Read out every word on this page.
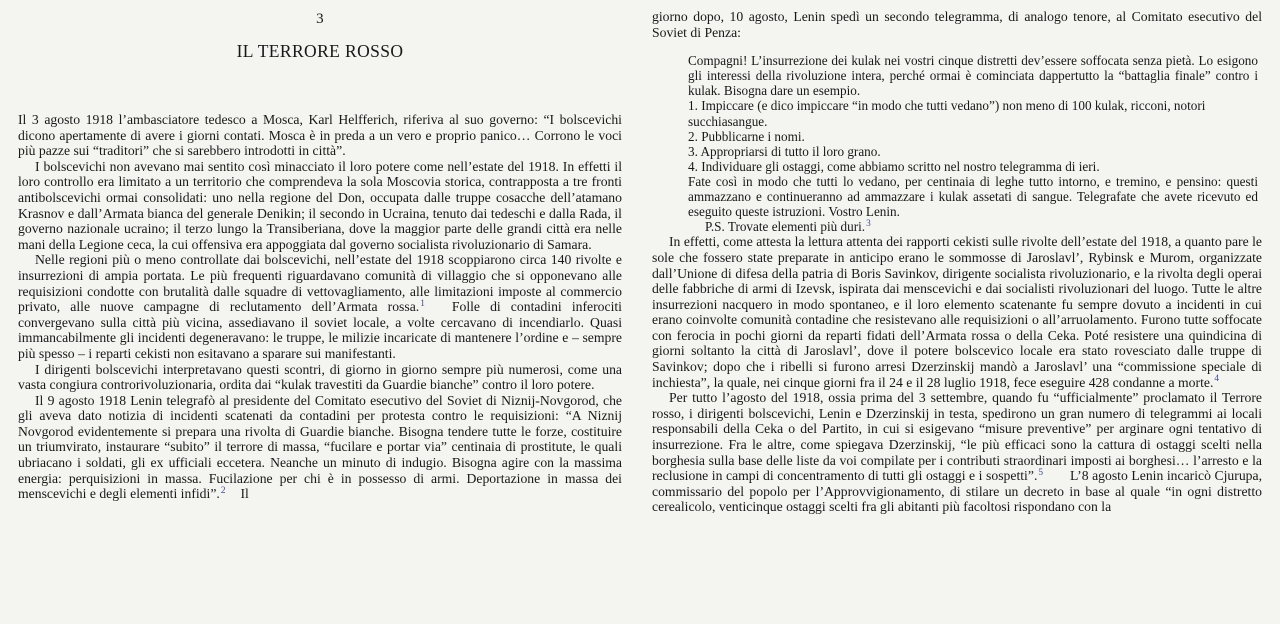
3
IL TERRORE ROSSO

Il 3 agosto 1918 l’ambasciatore tedesco a Mosca, Karl Helfferich, riferiva al suo governo: “I bolscevichi dicono apertamente di avere i giorni contati. Mosca è in preda a un vero e proprio panico… Corrono le voci più pazze sui “traditori” che si sarebbero introdotti in città”.

I bolscevichi non avevano mai sentito così minacciato il loro potere come nell’estate del 1918. In effetti il loro controllo era limitato a un territorio che comprendeva la sola Moscovia storica, contrapposta a tre fronti antibolscevichi ormai consolidati: uno nella regione del Don, occupata dalle truppe cosacche dell’atamano Krasnov e dall’Armata bianca del generale Denikin; il secondo in Ucraina, tenuto dai tedeschi e dalla Rada, il governo nazionale ucraino; il terzo lungo la Transiberiana, dove la maggior parte delle grandi città era nelle mani della Legione ceca, la cui offensiva era appoggiata dal governo socialista rivoluzionario di Samara.

Nelle regioni più o meno controllate dai bolscevichi, nell’estate del 1918 scoppiarono circa 140 rivolte e insurrezioni di ampia portata. Le più frequenti riguardavano comunità di villaggio che si opponevano alle requisizioni condotte con brutalità dalle squadre di vettovagliamento, alle limitazioni imposte al commercio privato, alle nuove campagne di reclutamento dell’Armata rossa.$^1$ Folle di contadini inferociti convergevano sulla città più vicina, assediavano il soviet locale, a volte cercavano di incendiarlo. Quasi immancabilmente gli incidenti degeneravano: le truppe, le milizie incaricate di mantenere l’ordine e – sempre più spesso – i reparti cekisti non esitavano a sparare sui manifestanti.

I dirigenti bolscevichi interpretavano questi scontri, di giorno in giorno sempre più numerosi, come una vasta congiura controrivoluzionaria, ordita dai “kulak travestiti da Guardie bianche” contro il loro potere.

Il 9 agosto 1918 Lenin telegrafò al presidente del Comitato esecutivo del Soviet di Niznij-Novgorod, che gli aveva dato notizia di incidenti scatenati da contadini per protesta contro le requisizioni: “A Niznij Novgorod evidentemente si prepara una rivolta di Guardie bianche. Bisogna tendere tutte le forze, costituire un triumvirato, instaurare “subito” il terrore di massa, “fucilare e portar via” centinaia di prostitute, le quali ubriacano i soldati, gli ex ufficiali eccetera. Neanche un minuto di indugio. Bisogna agire con la massima energia: perquisizioni in massa. Fucilazione per chi è in possesso di armi. Deportazione in massa dei menscevichi e degli elementi infidi”.$^2$ Il

giorno dopo, 10 agosto, Lenin spedì un secondo telegramma, di analogo tenore, al Comitato esecutivo del Soviet di Penza:

Compagni! L’insurrezione dei kulak nei vostri cinque distretti dev’essere soffocata senza pietà. Lo esigono gli interessi della rivoluzione intera, perché ormai è cominciata dappertutto la “battaglia finale” contro i kulak. Bisogna dare un esempio.

1. Impiccare (e dico impiccare “in modo che tutti vedano”) non meno di 100 kulak, ricconi, notori succhiasangue.

2. Pubblicarne i nomi.

3. Appropriarsi di tutto il loro grano.

4. Individuare gli ostaggi, come abbiamo scritto nel nostro telegramma di ieri.

Fate così in modo che tutti lo vedano, per centinaia di leghe tutto intorno, e tremino, e pensino: questi ammazzano e continueranno ad ammazzare i kulak assetati di sangue. Telegrafate che avete ricevuto ed eseguito queste istruzioni. Vostro Lenin.

P.S. Trovate elementi più duri.$^3$

In effetti, come attesta la lettura attenta dei rapporti cekisti sulle rivolte dell’estate del 1918, a quanto pare le sole che fossero state preparate in anticipo erano le sommosse di Jaroslavl’, Rybinsk e Murom, organizzate dall’Unione di difesa della patria di Boris Savinkov, dirigente socialista rivoluzionario, e la rivolta degli operai delle fabbriche di armi di Izevsk, ispirata dai menscevichi e dai socialisti rivoluzionari del luogo. Tutte le altre insurrezioni nacquero in modo spontaneo, e il loro elemento scatenante fu sempre dovuto a incidenti in cui erano coinvolte comunità contadine che resistevano alle requisizioni o all’arruolamento. Furono tutte soffocate con ferocia in pochi giorni da reparti fidati dell’Armata rossa o della Ceka. Poté resistere una quindicina di giorni soltanto la città di Jaroslavl’, dove il potere bolscevico locale era stato rovesciato dalle truppe di Savinkov; dopo che i ribelli si furono arresi Dzerzinskij mandò a Jaroslavl’ una “commissione speciale di inchiesta”, la quale, nei cinque giorni fra il 24 e il 28 luglio 1918, fece eseguire 428 condanne a morte.$^4$

Per tutto l’agosto del 1918, ossia prima del 3 settembre, quando fu “ufficialmente” proclamato il Terrore rosso, i dirigenti bolscevichi, Lenin e Dzerzinskij in testa, spedirono un gran numero di telegrammi ai locali responsabili della Ceka o del Partito, in cui si esigevano “misure preventive” per arginare ogni tentativo di insurrezione. Fra le altre, come spiegava Dzerzinskij, “le più efficaci sono la cattura di ostaggi scelti nella borghesia sulla base delle liste da voi compilate per i contributi straordinari imposti ai borghesi… l’arresto e la reclusione in campi di concentramento di tutti gli ostaggi e i sospetti”.$^5$ L’8 agosto Lenin incaricò Cjurupa, commissario del popolo per l’Approvvigionamento, di stilare un decreto in base al quale “in ogni distretto cerealicolo, venticinque ostaggi scelti fra gli abitanti più facoltosi rispondano con la
